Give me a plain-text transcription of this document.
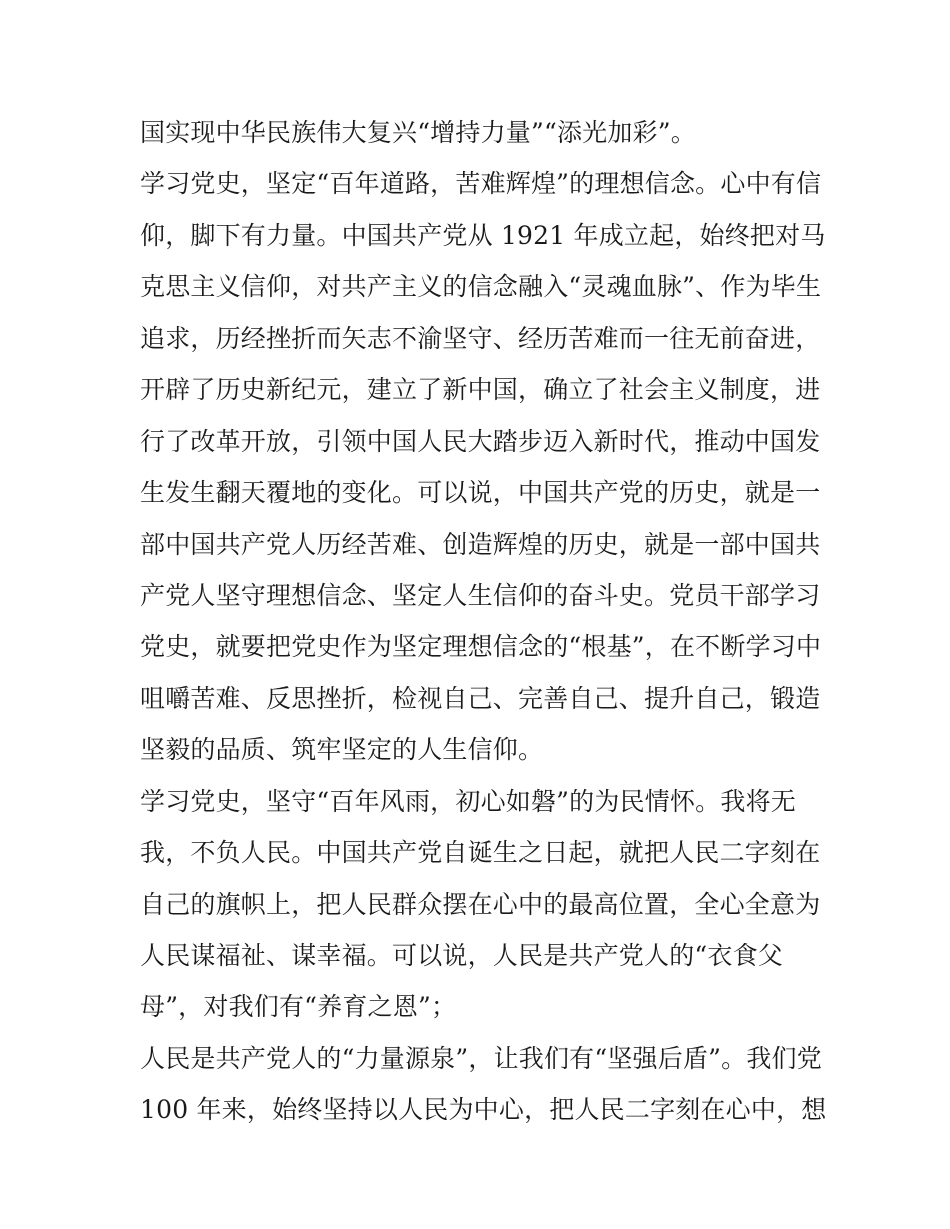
国实现中华民族伟大复兴“增持力量”“添光加彩”。
学习党史，坚定“百年道路，苦难辉煌”的理想信念。心中有信
仰，脚下有力量。中国共产党从 1921 年成立起，始终把对马
克思主义信仰，对共产主义的信念融入“灵魂血脉”、作为毕生
追求，历经挫折而矢志不渝坚守、经历苦难而一往无前奋进，
开辟了历史新纪元，建立了新中国，确立了社会主义制度，进
行了改革开放，引领中国人民大踏步迈入新时代，推动中国发
生发生翻天覆地的变化。可以说，中国共产党的历史，就是一
部中国共产党人历经苦难、创造辉煌的历史，就是一部中国共
产党人坚守理想信念、坚定人生信仰的奋斗史。党员干部学习
党史，就要把党史作为坚定理想信念的“根基”，在不断学习中
咀嚼苦难、反思挫折，检视自己、完善自己、提升自己，锻造
坚毅的品质、筑牢坚定的人生信仰。
学习党史，坚守“百年风雨，初心如磐”的为民情怀。我将无
我，不负人民。中国共产党自诞生之日起，就把人民二字刻在
自己的旗帜上，把人民群众摆在心中的最高位置，全心全意为
人民谋福祉、谋幸福。可以说，人民是共产党人的“衣食父
母”，对我们有“养育之恩”；
人民是共产党人的“力量源泉”，让我们有“坚强后盾”。我们党
100 年来，始终坚持以人民为中心，把人民二字刻在心中，想
